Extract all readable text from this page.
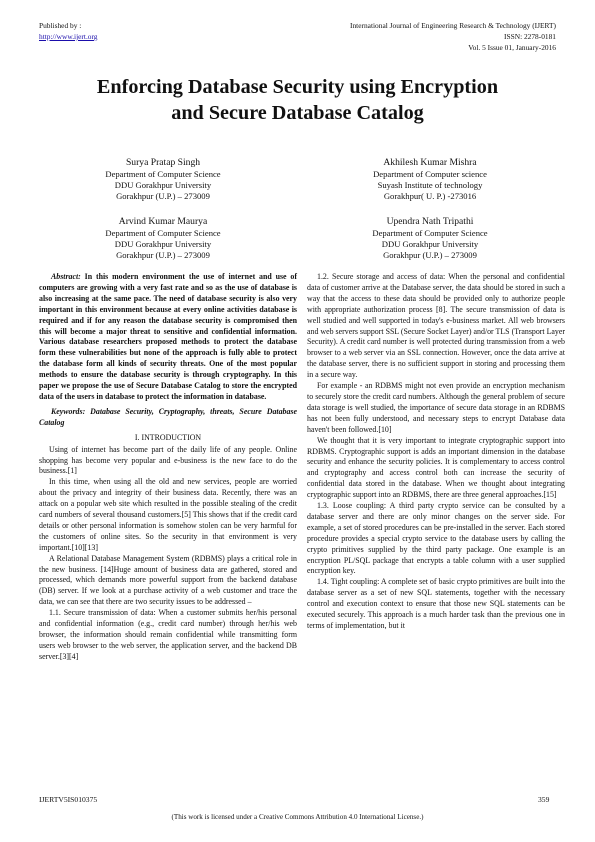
Published by :
http://www.ijert.org
International Journal of Engineering Research & Technology (IJERT)
ISSN: 2278-0181
Vol. 5 Issue 01, January-2016
Enforcing Database Security using Encryption
and Secure Database Catalog
Surya Pratap Singh
Department of Computer Science
DDU Gorakhpur University
Gorakhpur (U.P.) – 273009
Akhilesh Kumar Mishra
Department of Computer science
Suyash Institute of technology
Gorakhpur( U. P.) -273016
Arvind Kumar Maurya
Department of Computer Science
DDU Gorakhpur University
Gorakhpur (U.P.) – 273009
Upendra Nath Tripathi
Department of Computer Science
DDU Gorakhpur University
Gorakhpur (U.P.) – 273009

Abstract: In this modern environment the use of internet and use of computers are growing with a very fast rate and so as the use of database is also increasing at the same pace. The need of database security is also very important in this environment because at every online activities database is required and if for any reason the database security is compromised then this will become a major threat to sensitive and confidential information. Various database researchers proposed methods to protect the database form these vulnerabilities but none of the approach is fully able to protect the database form all kinds of security threats. One of the most popular methods to ensure the database security is through cryptography. In this paper we propose the use of Secure Database Catalog to store the encrypted data of the users in database to protect the information in database.

Keywords: Database Security, Cryptography, threats, Secure Database Catalog

I. INTRODUCTION

Using of internet has become part of the daily life of any people. Online shopping has become very popular and e-business is the new face to do the business.[1]

In this time, when using all the old and new services, people are worried about the privacy and integrity of their business data. Recently, there was an attack on a popular web site which resulted in the possible stealing of the credit card numbers of several thousand customers.[5] This shows that if the credit card details or other personal information is somehow stolen can be very harmful for the customers of online sites. So the security in that environment is very important.[10][13]

A Relational Database Management System (RDBMS) plays a critical role in the new business. [14]Huge amount of business data are gathered, stored and processed, which demands more powerful support from the backend database (DB) server. If we look at a purchase activity of a web customer and trace the data, we can see that there are two security issues to be addressed –

1.1. Secure transmission of data: When a customer submits her/his personal and confidential information (e.g., credit card number) through her/his web browser, the information should remain confidential while transmitting form users web browser to the web server, the application server, and the backend DB server.[3][4]

1.2. Secure storage and access of data: When the personal and confidential data of customer arrive at the Database server, the data should be stored in such a way that the access to these data should be provided only to authorize people with appropriate authorization process [8]. The secure transmission of data is well studied and well supported in today's e-business market. All web browsers and web servers support SSL (Secure Socket Layer) and/or TLS (Transport Layer Security). A credit card number is well protected during transmission from a web browser to a web server via an SSL connection. However, once the data arrive at the database server, there is no sufficient support in storing and processing them in a secure way.

For example - an RDBMS might not even provide an encryption mechanism to securely store the credit card numbers. Although the general problem of secure data storage is well studied, the importance of secure data storage in an RDBMS has not been fully understood, and necessary steps to encrypt Database data haven't been followed.[10]

We thought that it is very important to integrate cryptographic support into RDBMS. Cryptographic support is adds an important dimension in the database security and enhance the security policies. It is complementary to access control and cryptography and access control both can increase the security of confidential data stored in the database. When we thought about integrating cryptographic support into an RDBMS, there are three general approaches.[15]

1.3. Loose coupling: A third party crypto service can be consulted by a database server and there are only minor changes on the server side. For example, a set of stored procedures can be pre-installed in the server. Each stored procedure provides a special crypto service to the database users by calling the crypto primitives supplied by the third party package. One example is an encryption PL/SQL package that encrypts a table column with a user supplied encryption key.

1.4. Tight coupling: A complete set of basic crypto primitives are built into the database server as a set of new SQL statements, together with the necessary control and execution context to ensure that those new SQL statements can be executed securely. This approach is a much harder task than the previous one in terms of implementation, but it

IJERTV5IS010375	359
(This work is licensed under a Creative Commons Attribution 4.0 International License.)
